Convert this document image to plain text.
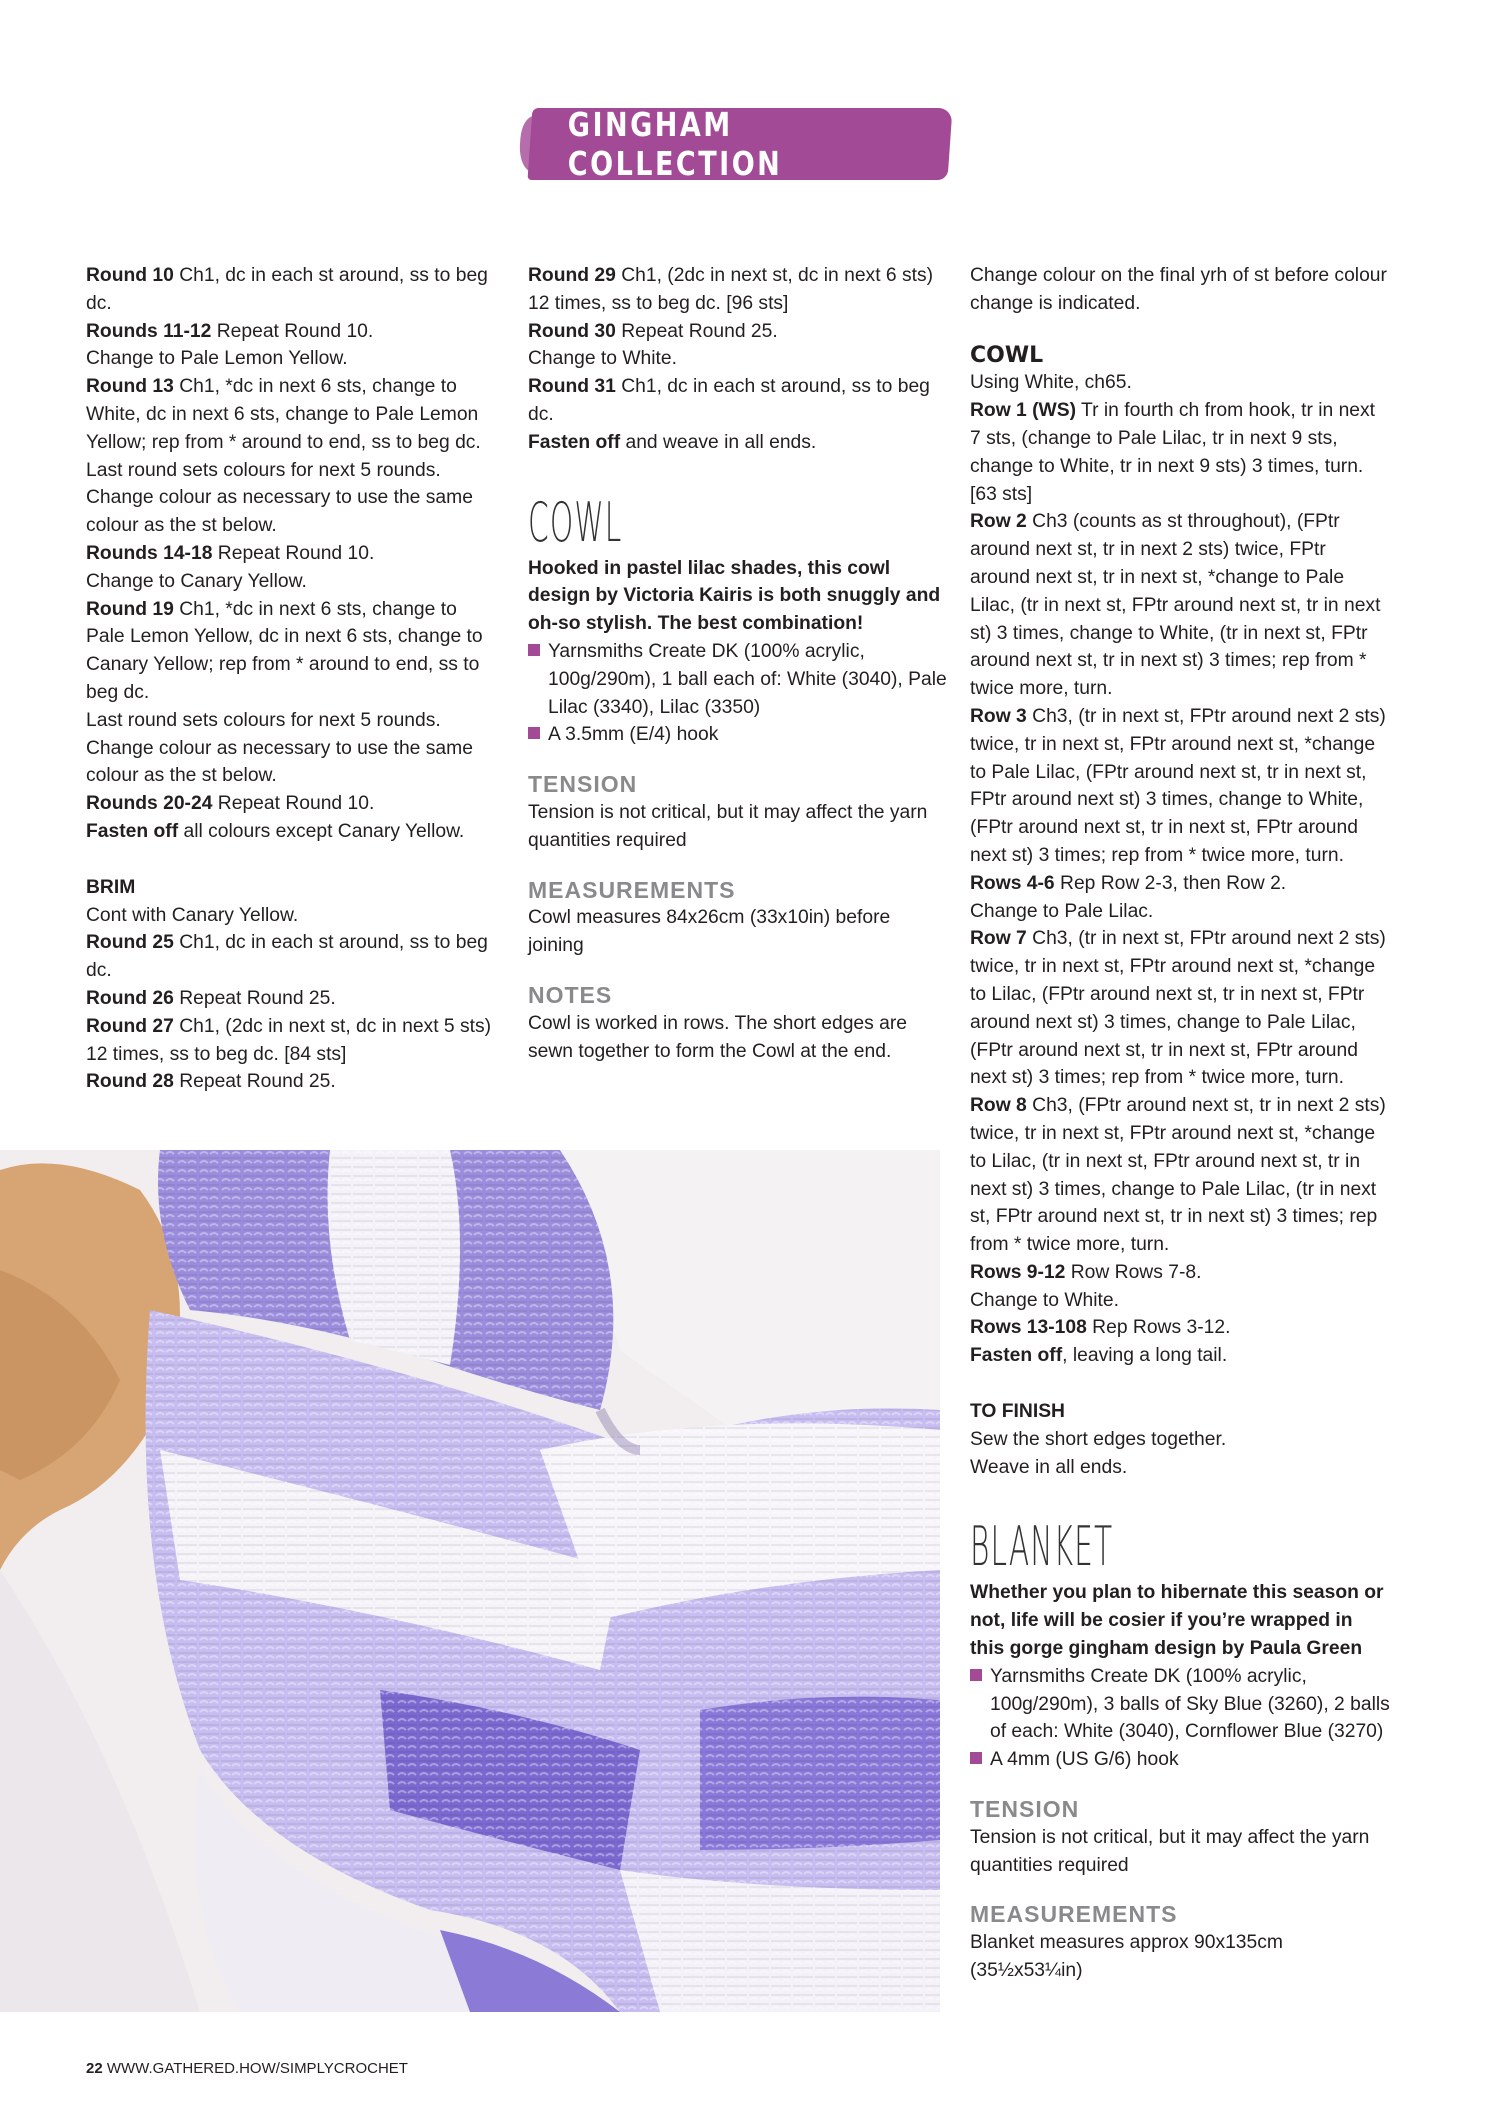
GINGHAM COLLECTION

Round 10 Ch1, dc in each st around, ss to beg dc.

Rounds 11-12 Repeat Round 10.

Change to Pale Lemon Yellow.

Round 13 Ch1, *dc in next 6 sts, change to White, dc in next 6 sts, change to Pale Lemon Yellow; rep from * around to end, ss to beg dc.

Last round sets colours for next 5 rounds.

Change colour as necessary to use the same colour as the st below.

Rounds 14-18 Repeat Round 10.

Change to Canary Yellow.

Round 19 Ch1, *dc in next 6 sts, change to Pale Lemon Yellow, dc in next 6 sts, change to Canary Yellow; rep from * around to end, ss to beg dc.

Last round sets colours for next 5 rounds.

Change colour as necessary to use the same colour as the st below.

Rounds 20-24 Repeat Round 10.

Fasten off all colours except Canary Yellow.

BRIM

Cont with Canary Yellow.

Round 25 Ch1, dc in each st around, ss to beg dc.

Round 26 Repeat Round 25.

Round 27 Ch1, (2dc in next st, dc in next 5 sts) 12 times, ss to beg dc. [84 sts]

Round 28 Repeat Round 25.

Round 29 Ch1, (2dc in next st, dc in next 6 sts) 12 times, ss to beg dc. [96 sts]

Round 30 Repeat Round 25.

Change to White.

Round 31 Ch1, dc in each st around, ss to beg dc.

Fasten off and weave in all ends.

COWL

Hooked in pastel lilac shades, this cowl design by Victoria Kairis is both snuggly and oh-so stylish. The best combination!

Yarnsmiths Create DK (100% acrylic, 100g/290m), 1 ball each of: White (3040), Pale Lilac (3340), Lilac (3350)

A 3.5mm (E/4) hook

TENSION

Tension is not critical, but it may affect the yarn quantities required

MEASUREMENTS

Cowl measures 84x26cm (33x10in) before joining

NOTES

Cowl is worked in rows. The short edges are sewn together to form the Cowl at the end.

Change colour on the final yrh of st before colour change is indicated.

COWL

Using White, ch65.

Row 1 (WS) Tr in fourth ch from hook, tr in next 7 sts, (change to Pale Lilac, tr in next 9 sts, change to White, tr in next 9 sts) 3 times, turn. [63 sts]

Row 2 Ch3 (counts as st throughout), (FPtr around next st, tr in next 2 sts) twice, FPtr around next st, tr in next st, *change to Pale Lilac, (tr in next st, FPtr around next st, tr in next st) 3 times, change to White, (tr in next st, FPtr around next st, tr in next st) 3 times; rep from * twice more, turn.

Row 3 Ch3, (tr in next st, FPtr around next 2 sts) twice, tr in next st, FPtr around next st, *change to Pale Lilac, (FPtr around next st, tr in next st, FPtr around next st) 3 times, change to White, (FPtr around next st, tr in next st, FPtr around next st) 3 times; rep from * twice more, turn.

Rows 4-6 Rep Row 2-3, then Row 2.

Change to Pale Lilac.

Row 7 Ch3, (tr in next st, FPtr around next 2 sts) twice, tr in next st, FPtr around next st, *change to Lilac, (FPtr around next st, tr in next st, FPtr around next st) 3 times, change to Pale Lilac, (FPtr around next st, tr in next st, FPtr around next st) 3 times; rep from * twice more, turn.

Row 8 Ch3, (FPtr around next st, tr in next 2 sts) twice, tr in next st, FPtr around next st, *change to Lilac, (tr in next st, FPtr around next st, tr in next st) 3 times, change to Pale Lilac, (tr in next st, FPtr around next st, tr in next st) 3 times; rep from * twice more, turn.

Rows 9-12 Row Rows 7-8.

Change to White.

Rows 13-108 Rep Rows 3-12.

Fasten off, leaving a long tail.

TO FINISH

Sew the short edges together.

Weave in all ends.

BLANKET

Whether you plan to hibernate this season or not, life will be cosier if you’re wrapped in this gorge gingham design by Paula Green

Yarnsmiths Create DK (100% acrylic, 100g/290m), 3 balls of Sky Blue (3260), 2 balls of each: White (3040), Cornflower Blue (3270)

A 4mm (US G/6) hook

TENSION

Tension is not critical, but it may affect the yarn quantities required

MEASUREMENTS

Blanket measures approx 90x135cm (35½x53¼in)

22 WWW.GATHERED.HOW/SIMPLYCROCHET
